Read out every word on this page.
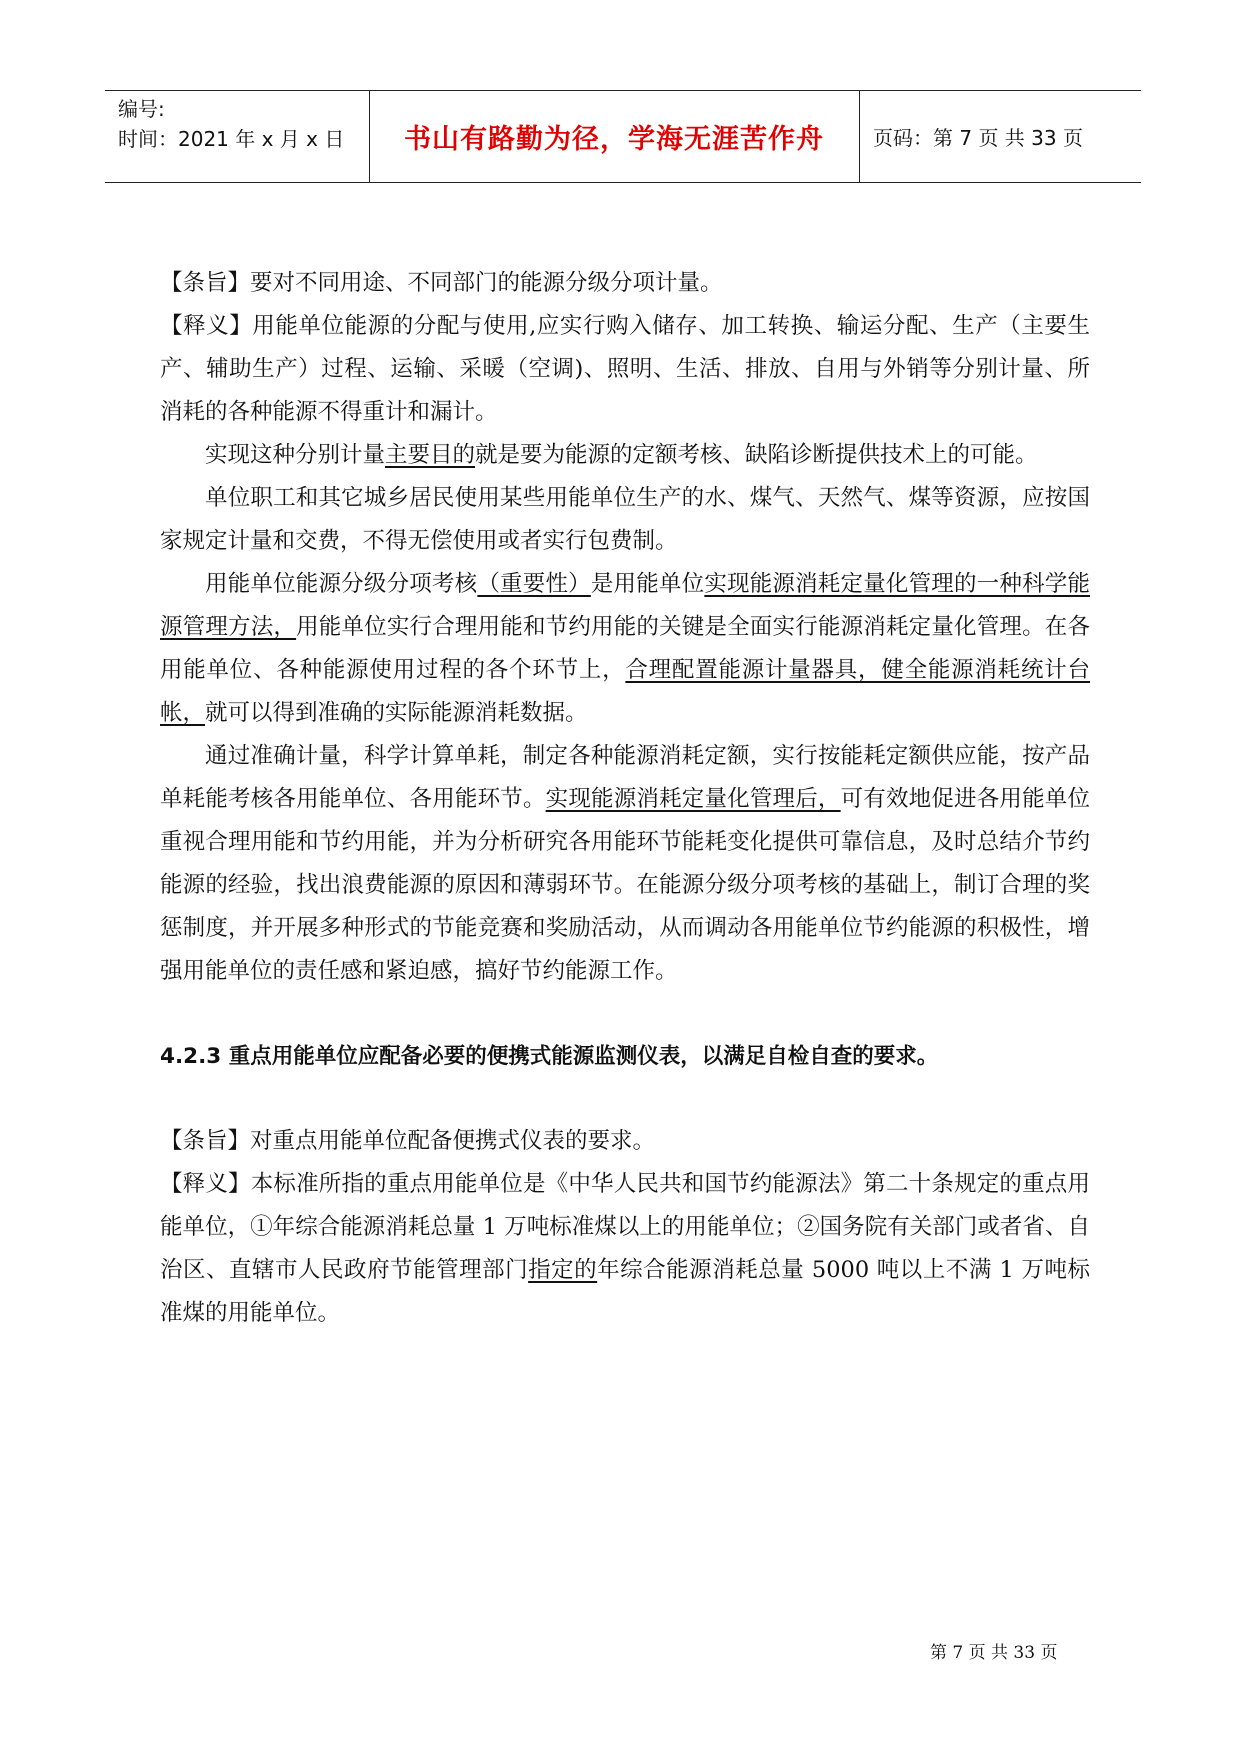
编号:
时间：2021 年 x 月 x 日	书山有路勤为径，学海无涯苦作舟	页码：第 7 页 共 33 页

【条旨】要对不同用途、不同部门的能源分级分项计量。

【释义】用能单位能源的分配与使用,应实行购入储存、加工转换、输运分配、生产（主要生产、辅助生产）过程、运输、采暖（空调)、照明、生活、排放、自用与外销等分别计量、所消耗的各种能源不得重计和漏计。

实现这种分别计量主要目的就是要为能源的定额考核、缺陷诊断提供技术上的可能。

单位职工和其它城乡居民使用某些用能单位生产的水、煤气、天然气、煤等资源，应按国家规定计量和交费，不得无偿使用或者实行包费制。

用能单位能源分级分项考核（重要性）是用能单位实现能源消耗定量化管理的一种科学能源管理方法，用能单位实行合理用能和节约用能的关键是全面实行能源消耗定量化管理。在各用能单位、各种能源使用过程的各个环节上，合理配置能源计量器具，健全能源消耗统计台帐，就可以得到准确的实际能源消耗数据。

通过准确计量，科学计算单耗，制定各种能源消耗定额，实行按能耗定额供应能，按产品单耗能考核各用能单位、各用能环节。实现能源消耗定量化管理后，可有效地促进各用能单位重视合理用能和节约用能，并为分析研究各用能环节能耗变化提供可靠信息，及时总结介节约能源的经验，找出浪费能源的原因和薄弱环节。在能源分级分项考核的基础上，制订合理的奖惩制度，并开展多种形式的节能竞赛和奖励活动，从而调动各用能单位节约能源的积极性，增强用能单位的责任感和紧迫感，搞好节约能源工作。

4.2.3 重点用能单位应配备必要的便携式能源监测仪表，以满足自检自查的要求。

【条旨】对重点用能单位配备便携式仪表的要求。

【释义】本标准所指的重点用能单位是《中华人民共和国节约能源法》第二十条规定的重点用能单位，①年综合能源消耗总量 1 万吨标准煤以上的用能单位；②国务院有关部门或者省、自治区、直辖市人民政府节能管理部门指定的年综合能源消耗总量 5000 吨以上不满 1 万吨标准煤的用能单位。

第 7 页 共 33 页
